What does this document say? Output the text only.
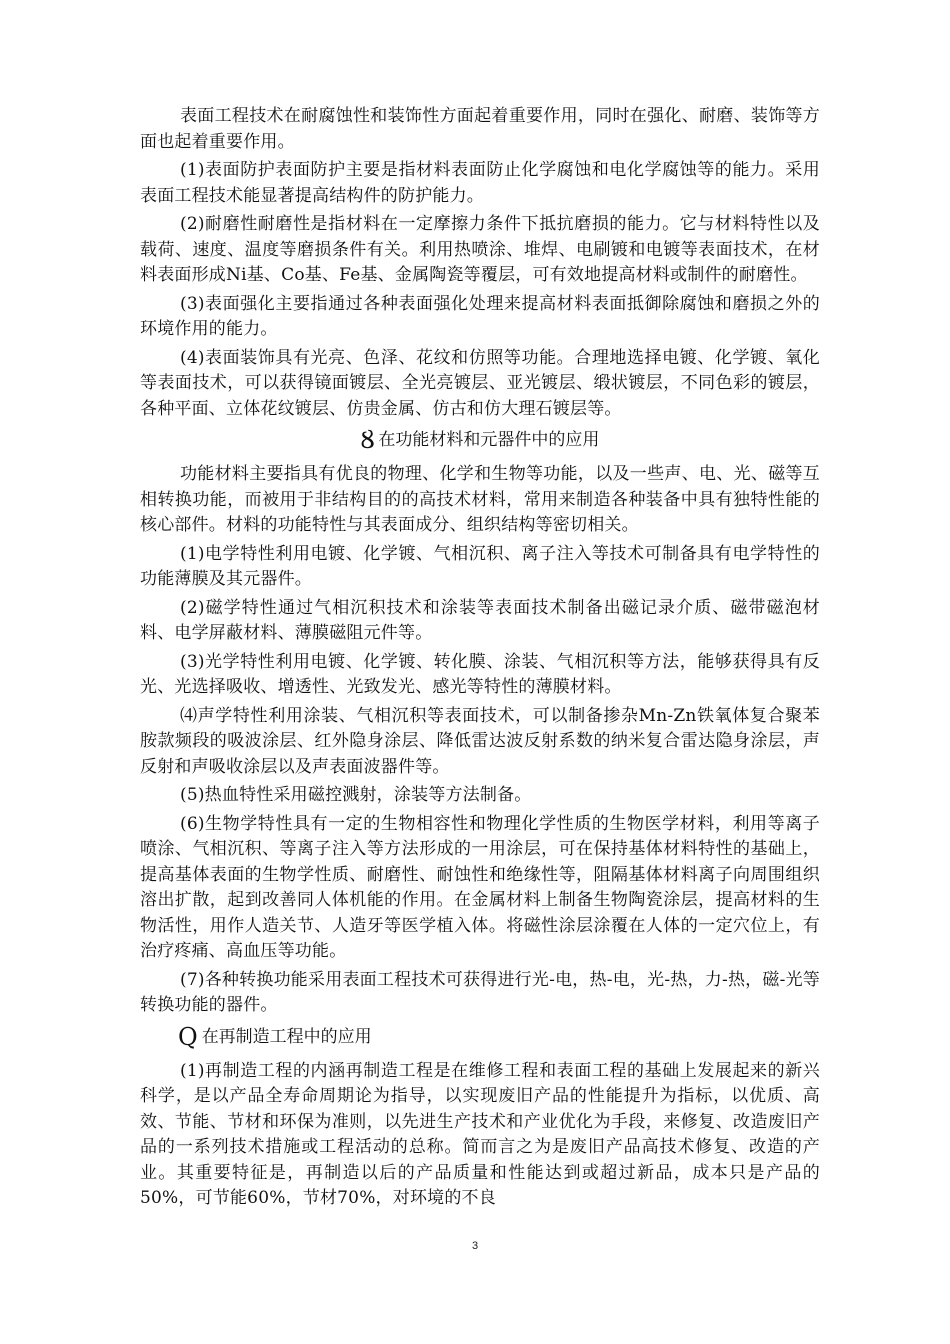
表面工程技术在耐腐蚀性和装饰性方面起着重要作用，同时在强化、耐磨、装饰等方面也起着重要作用。

(1)表面防护表面防护主要是指材料表面防止化学腐蚀和电化学腐蚀等的能力。采用表面工程技术能显著提高结构件的防护能力。

(2)耐磨性耐磨性是指材料在一定摩擦力条件下抵抗磨损的能力。它与材料特性以及载荷、速度、温度等磨损条件有关。利用热喷涂、堆焊、电刷镀和电镀等表面技术，在材料表面形成Ni基、Co基、Fe基、金属陶瓷等覆层，可有效地提高材料或制件的耐磨性。

(3)表面强化主要指通过各种表面强化处理来提高材料表面抵御除腐蚀和磨损之外的环境作用的能力。

(4)表面装饰具有光亮、色泽、花纹和仿照等功能。合理地选择电镀、化学镀、氧化等表面技术，可以获得镜面镀层、全光亮镀层、亚光镀层、缎状镀层，不同色彩的镀层，各种平面、立体花纹镀层、仿贵金属、仿古和仿大理石镀层等。

Ȣ 在功能材料和元器件中的应用

功能材料主要指具有优良的物理、化学和生物等功能，以及一些声、电、光、磁等互相转换功能，而被用于非结构目的的高技术材料，常用来制造各种装备中具有独特性能的核心部件。材料的功能特性与其表面成分、组织结构等密切相关。

(1)电学特性利用电镀、化学镀、气相沉积、离子注入等技术可制备具有电学特性的功能薄膜及其元器件。

(2)磁学特性通过气相沉积技术和涂装等表面技术制备出磁记录介质、磁带磁泡材料、电学屏蔽材料、薄膜磁阻元件等。

(3)光学特性利用电镀、化学镀、转化膜、涂装、气相沉积等方法，能够获得具有反光、光选择吸收、增透性、光致发光、感光等特性的薄膜材料。

⑷声学特性利用涂装、气相沉积等表面技术，可以制备掺杂Mn-Zn铁氧体复合聚苯胺款频段的吸波涂层、红外隐身涂层、降低雷达波反射系数的纳米复合雷达隐身涂层，声反射和声吸收涂层以及声表面波器件等。

(5)热血特性采用磁控溅射，涂装等方法制备。

(6)生物学特性具有一定的生物相容性和物理化学性质的生物医学材料，利用等离子喷涂、气相沉积、等离子注入等方法形成的一用涂层，可在保持基体材料特性的基础上，提高基体表面的生物学性质、耐磨性、耐蚀性和绝缘性等，阻隔基体材料离子向周围组织溶出扩散，起到改善同人体机能的作用。在金属材料上制备生物陶瓷涂层，提高材料的生物活性，用作人造关节、人造牙等医学植入体。将磁性涂层涂覆在人体的一定穴位上，有治疗疼痛、高血压等功能。

(7)各种转换功能采用表面工程技术可获得进行光-电，热-电，光-热，力-热，磁-光等转换功能的器件。

Q 在再制造工程中的应用

(1)再制造工程的内涵再制造工程是在维修工程和表面工程的基础上发展起来的新兴科学，是以产品全寿命周期论为指导，以实现废旧产品的性能提升为指标，以优质、高效、节能、节材和环保为准则，以先进生产技术和产业优化为手段，来修复、改造废旧产品的一系列技术措施或工程活动的总称。简而言之为是废旧产品高技术修复、改造的产业。其重要特征是，再制造以后的产品质量和性能达到或超过新品，成本只是产品的50%，可节能60%，节材70%，对环境的不良

3
